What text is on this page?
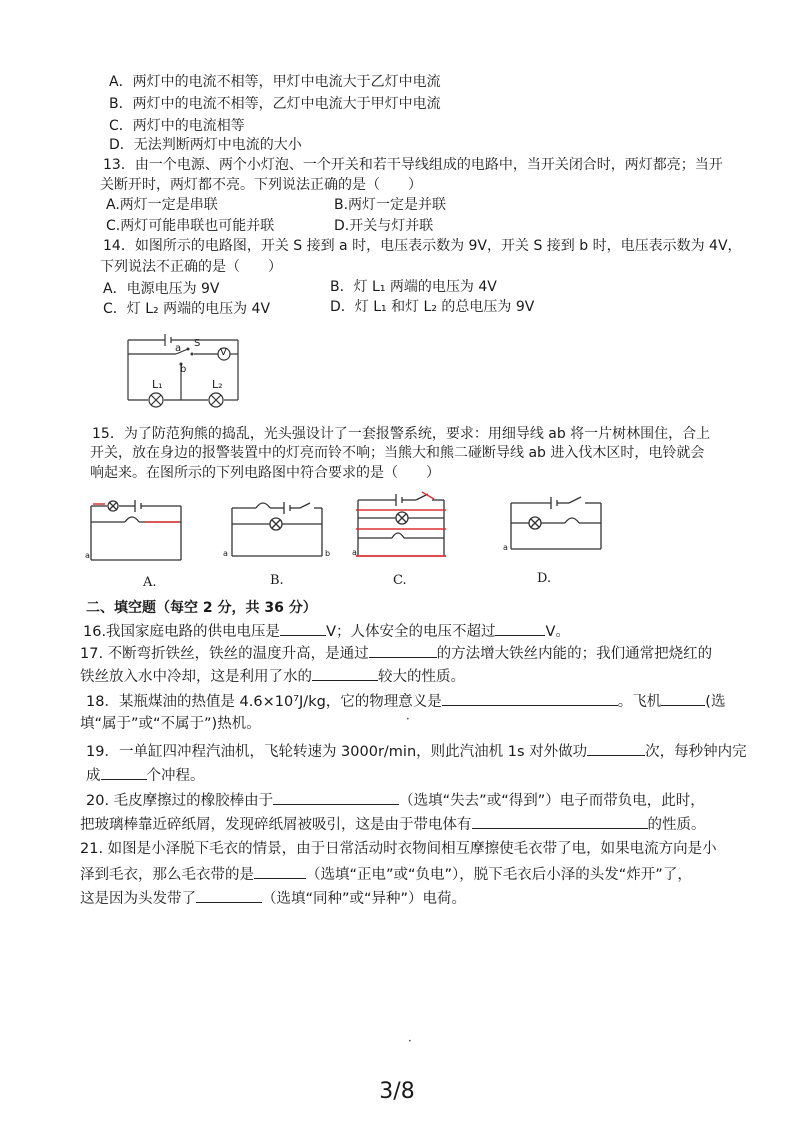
A．两灯中的电流不相等，甲灯中电流大于乙灯中电流
B．两灯中的电流不相等，乙灯中电流大于甲灯中电流
C．两灯中的电流相等
D．无法判断两灯中电流的大小
13．由一个电源、两个小灯泡、一个开关和若干导线组成的电路中，当开关闭合时，两灯都亮；当开
关断开时，两灯都不亮。下列说法正确的是（　　）
A.两灯一定是串联	B.两灯一定是并联
C.两灯可能串联也可能并联	D.开关与灯并联
14．如图所示的电路图，开关 S 接到 a 时，电压表示数为 9V，开关 S 接到 b 时，电压表示数为 4V，
下列说法不正确的是（　　）
A．电源电压为 9V	B．灯 L₁ 两端的电压为 4V
C．灯 L₂ 两端的电压为 4V	D．灯 L₁ 和灯 L₂ 的总电压为 9V
a S
V
b
L₁	L₂
15．为了防范狗熊的捣乱，光头强设计了一套报警系统，要求：用细导线 ab 将一片树林围住，合上
开关，放在身边的报警装置中的灯亮而铃不响；当熊大和熊二碰断导线 ab 进入伐木区时，电铃就会
响起来。在图所示的下列电路图中符合要求的是（　　）
a	a	b	a
a
A.	B.	C.	D.
二、填空题（每空 2 分，共 36 分）
16.我国家庭电路的供电电压是	V；人体安全的电压不超过	V。
17. 不断弯折铁丝，铁丝的温度升高，是通过	的方法增大铁丝内能的；我们通常把烧红的
铁丝放入水中冷却，这是利用了水的	较大的性质。
18．某瓶煤油的热值是 4.6×10⁷J/kg，它的物理意义是	。飞机	(选
填“属于”或“不属于”)热机。
19．一单缸四冲程汽油机，飞轮转速为 3000r/min，则此汽油机 1s 对外做功	次，每秒钟内完
成	个冲程。
20. 毛皮摩擦过的橡胶棒由于	（选填“失去”或“得到”）电子而带负电，此时，
把玻璃棒靠近碎纸屑，发现碎纸屑被吸引，这是由于带电体有	的性质。
21. 如图是小泽脱下毛衣的情景，由于日常活动时衣物间相互摩擦使毛衣带了电，如果电流方向是小
泽到毛衣，那么毛衣带的是	（选填“正电”或“负电”），脱下毛衣后小泽的头发“炸开”了，
这是因为头发带了	（选填“同种”或“异种”）电荷。
•
•
3/8
